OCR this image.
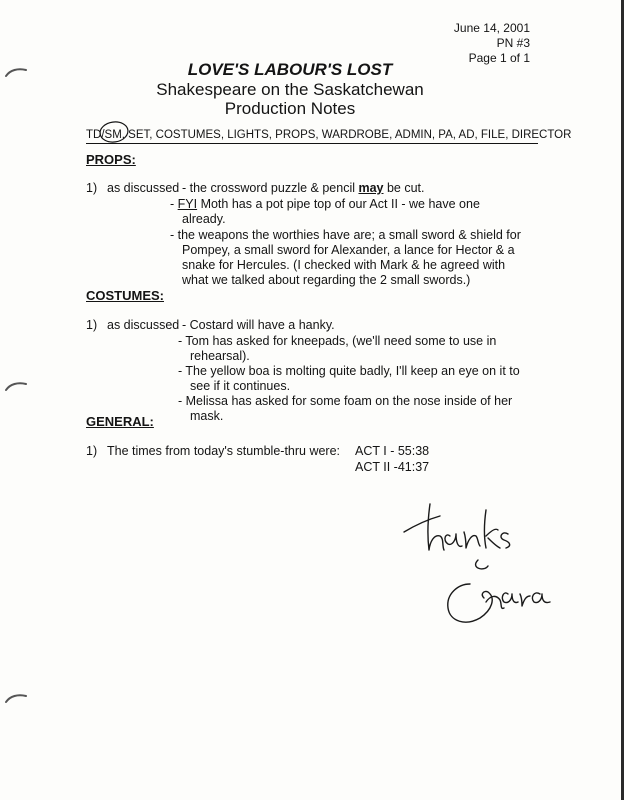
June 14, 2001
PN #3
Page 1 of 1
LOVE'S LABOUR'S LOST
Shakespeare on the Saskatchewan
Production Notes
TD/SM,
SET, COSTUMES, LIGHTS, PROPS, WARDROBE, ADMIN, PA, AD, FILE, DIRECTOR
PROPS:
1) as discussed - the crossword puzzle & pencil may be cut.
- FYI Moth has a pot pipe top of our Act II - we have one
already.
- the weapons the worthies have are; a small sword & shield for
Pompey, a small sword for Alexander, a lance for Hector & a
snake for Hercules. (I checked with Mark & he agreed with
what we talked about regarding the 2 small swords.)
COSTUMES:
1) as discussed - Costard will have a hanky.
- Tom has asked for kneepads, (we'll need some to use in
rehearsal).
- The yellow boa is molting quite badly, I'll keep an eye on it to
see if it continues.
- Melissa has asked for some foam on the nose inside of her
mask.
GENERAL:
1) The times from today's stumble-thru were: ACT I - 55:38
ACT II -41:37
